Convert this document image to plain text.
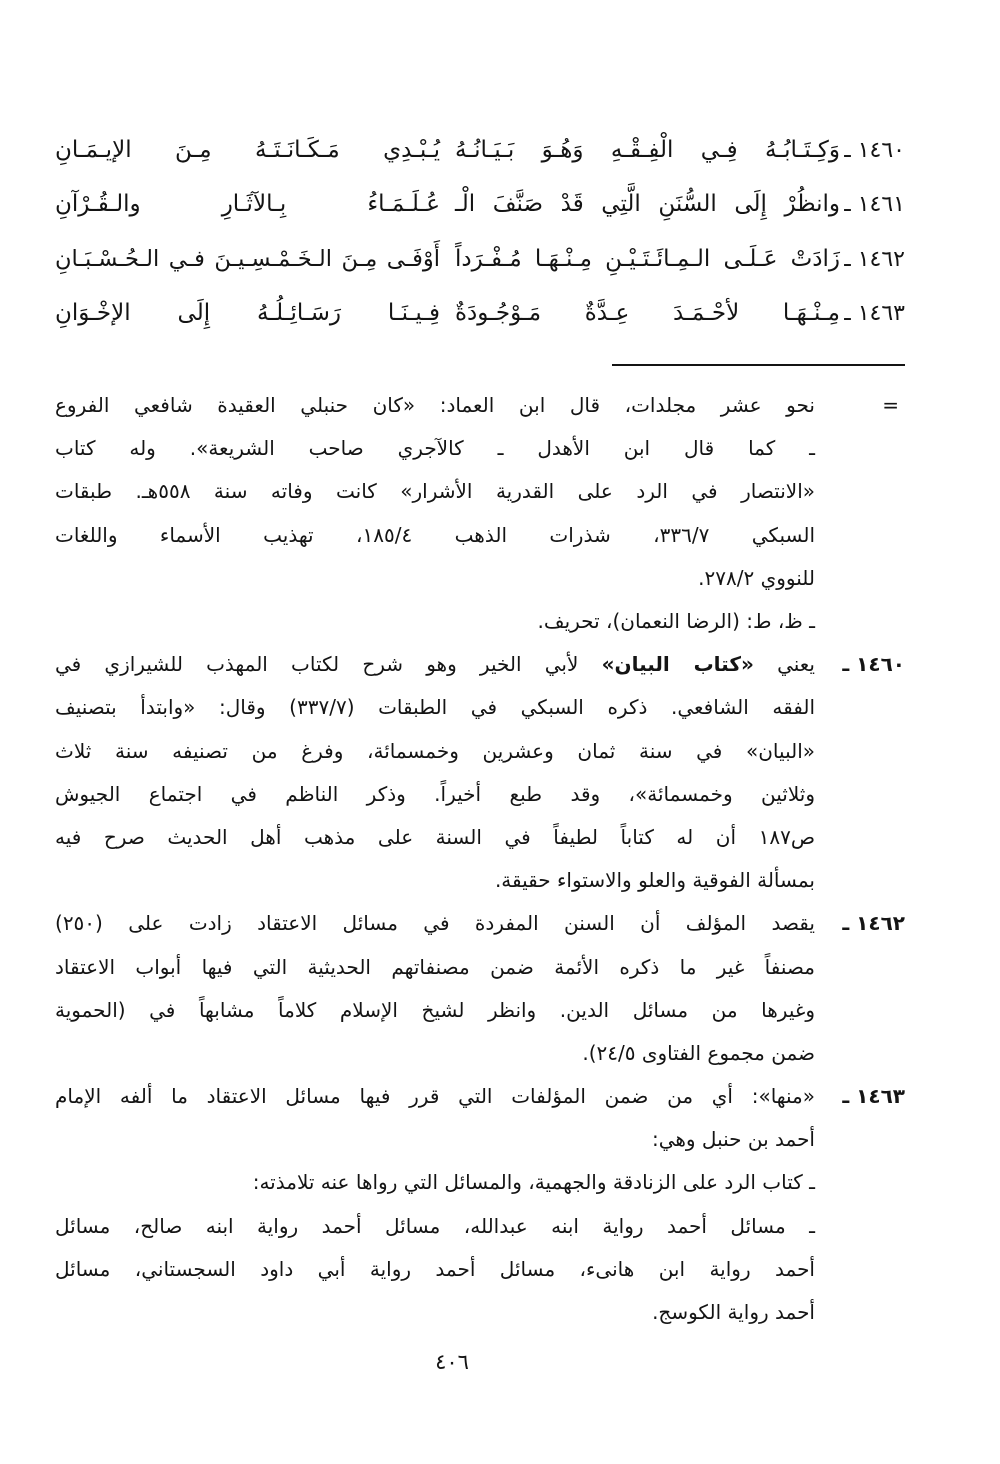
١٤٦٠ ـ
وَكِـتَـابُـهُ فِـي الْفِـقْـهِ وَهُـوَ بَـيَـانُـهُ
يُـبْـدِي مَـكَـانَـتَـهُ مِـنَ الإيـمَـانِ
١٤٦١ ـ
وانظُرْ إِلَى السُّنَنِ الَّتِي قَدْ صَنَّفَ الْـ
عُـلَـمَـاءُ بِـالآثَـارِ والـقُـرْآنِ
١٤٦٢ ـ
زَادَتْ عَـلَـى الـمِـائَـتَـيْـنِ مِـنْـهَـا مُـفْـرَداً
أَوْفَـى مِـنَ الـخَـمْـسِـيـنَ فـي الـحُـسْـبَـانِ
١٤٦٣ ـ
مِـنْـهَـا لأحْـمَـدَ عِـدَّةٌ مَـوْجُـودَةٌ
فِـيـنَـا رَسَـائِـلُـهُ إِلَى الإخْـوَانِ
=
نحو عشر مجلدات، قال ابن العماد: «كان حنبلي العقيدة شافعي الفروع
ـ كما قال ابن الأهدل ـ كالآجري صاحب الشريعة». وله كتاب
«الانتصار في الرد على القدرية الأشرار» كانت وفاته سنة ٥٥٨هـ. طبقات
السبكي ٣٣٦/٧، شذرات الذهب ١٨٥/٤، تهذيب الأسماء واللغات
للنووي ٢٧٨/٢.
ـ ظ، ط: (الرضا النعمان)، تحريف.
١٤٦٠ ـ
يعني «كتاب البيان» لأبي الخير وهو شرح لكتاب المهذب للشيرازي في
الفقه الشافعي. ذكره السبكي في الطبقات (٣٣٧/٧) وقال: «وابتدأ بتصنيف
«البيان» في سنة ثمان وعشرين وخمسمائة، وفرغ من تصنيفه سنة ثلاث
وثلاثين وخمسمائة»، وقد طبع أخيراً. وذكر الناظم في اجتماع الجيوش
ص١٨٧ أن له كتاباً لطيفاً في السنة على مذهب أهل الحديث صرح فيه
بمسألة الفوقية والعلو والاستواء حقيقة.
١٤٦٢ ـ
يقصد المؤلف أن السنن المفردة في مسائل الاعتقاد زادت على (٢٥٠)
مصنفاً غير ما ذكره الأئمة ضمن مصنفاتهم الحديثية التي فيها أبواب الاعتقاد
وغيرها من مسائل الدين. وانظر لشيخ الإسلام كلاماً مشابهاً في (الحموية
ضمن مجموع الفتاوى ٢٤/٥).
١٤٦٣ ـ
«منها»: أي من ضمن المؤلفات التي قرر فيها مسائل الاعتقاد ما ألفه الإمام
أحمد بن حنبل وهي:
ـ كتاب الرد على الزنادقة والجهمية، والمسائل التي رواها عنه تلامذته:
ـ مسائل أحمد رواية ابنه عبدالله، مسائل أحمد رواية ابنه صالح، مسائل
أحمد رواية ابن هانىء، مسائل أحمد رواية أبي داود السجستاني، مسائل
أحمد رواية الكوسج.
٤٠٦
